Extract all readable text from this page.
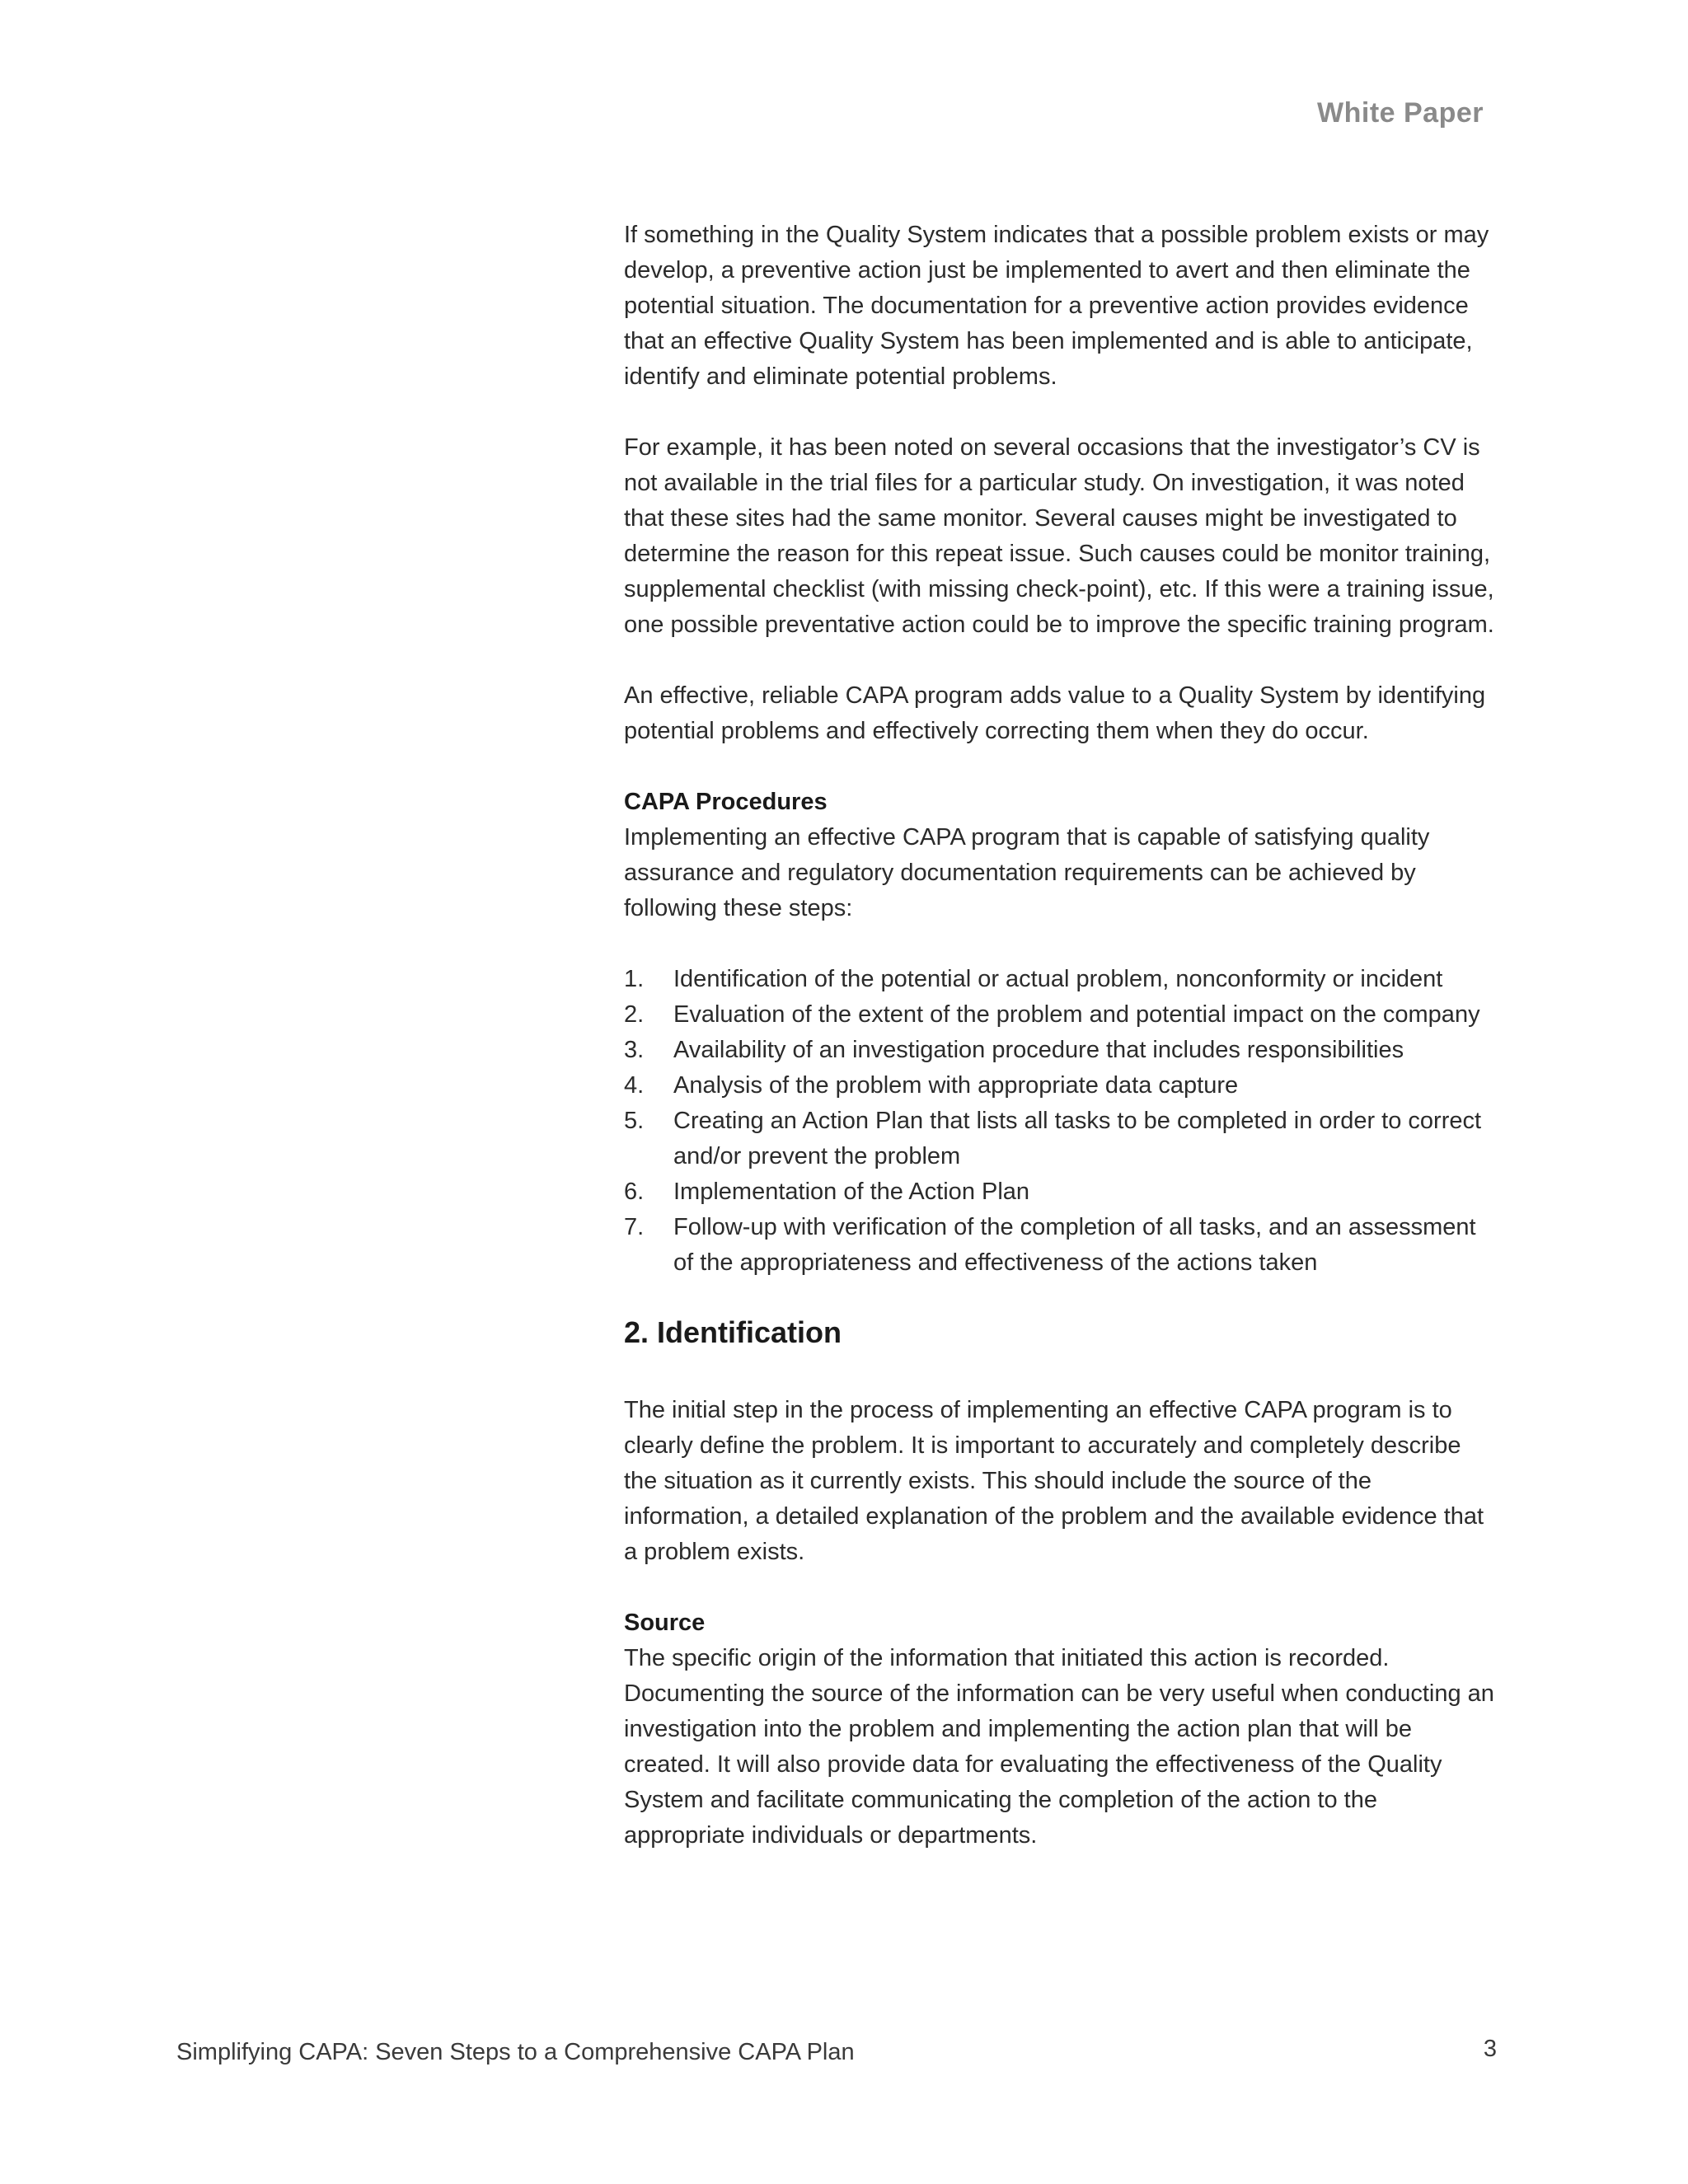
White Paper

If something in the Quality System indicates that a possible problem exists or may develop, a preventive action just be implemented to avert and then eliminate the potential situation. The documentation for a preventive action provides evidence that an effective Quality System has been implemented and is able to anticipate, identify and eliminate potential problems.

For example, it has been noted on several occasions that the investigator’s CV is not available in the trial files for a particular study. On investigation, it was noted that these sites had the same monitor. Several causes might be investigated to determine the reason for this repeat issue. Such causes could be monitor training, supplemental checklist (with missing check-point), etc. If this were a training issue, one possible preventative action could be to improve the specific training program.

An effective, reliable CAPA program adds value to a Quality System by identifying potential problems and effectively correcting them when they do occur.

CAPA Procedures

Implementing an effective CAPA program that is capable of satisfying quality assurance and regulatory documentation requirements can be achieved by following these steps:

1.	Identification of the potential or actual problem, nonconformity or incident
2.	Evaluation of the extent of the problem and potential impact on the company
3.	Availability of an investigation procedure that includes responsibilities
4.	Analysis of the problem with appropriate data capture
5.	Creating an Action Plan that lists all tasks to be completed in order to correct and/or prevent the problem
6.	Implementation of the Action Plan
7.	Follow-up with verification of the completion of all tasks, and an assessment of the appropriateness and effectiveness of the actions taken
2. Identification

The initial step in the process of implementing an effective CAPA program is to clearly define the problem. It is important to accurately and completely describe the situation as it currently exists. This should include the source of the information, a detailed explanation of the problem and the available evidence that a problem exists.

Source

The specific origin of the information that initiated this action is recorded. Documenting the source of the information can be very useful when conducting an investigation into the problem and implementing the action plan that will be created. It will also provide data for evaluating the effectiveness of the Quality System and facilitate communicating the completion of the action to the appropriate individuals or departments.

Simplifying CAPA: Seven Steps to a Comprehensive CAPA Plan	3
